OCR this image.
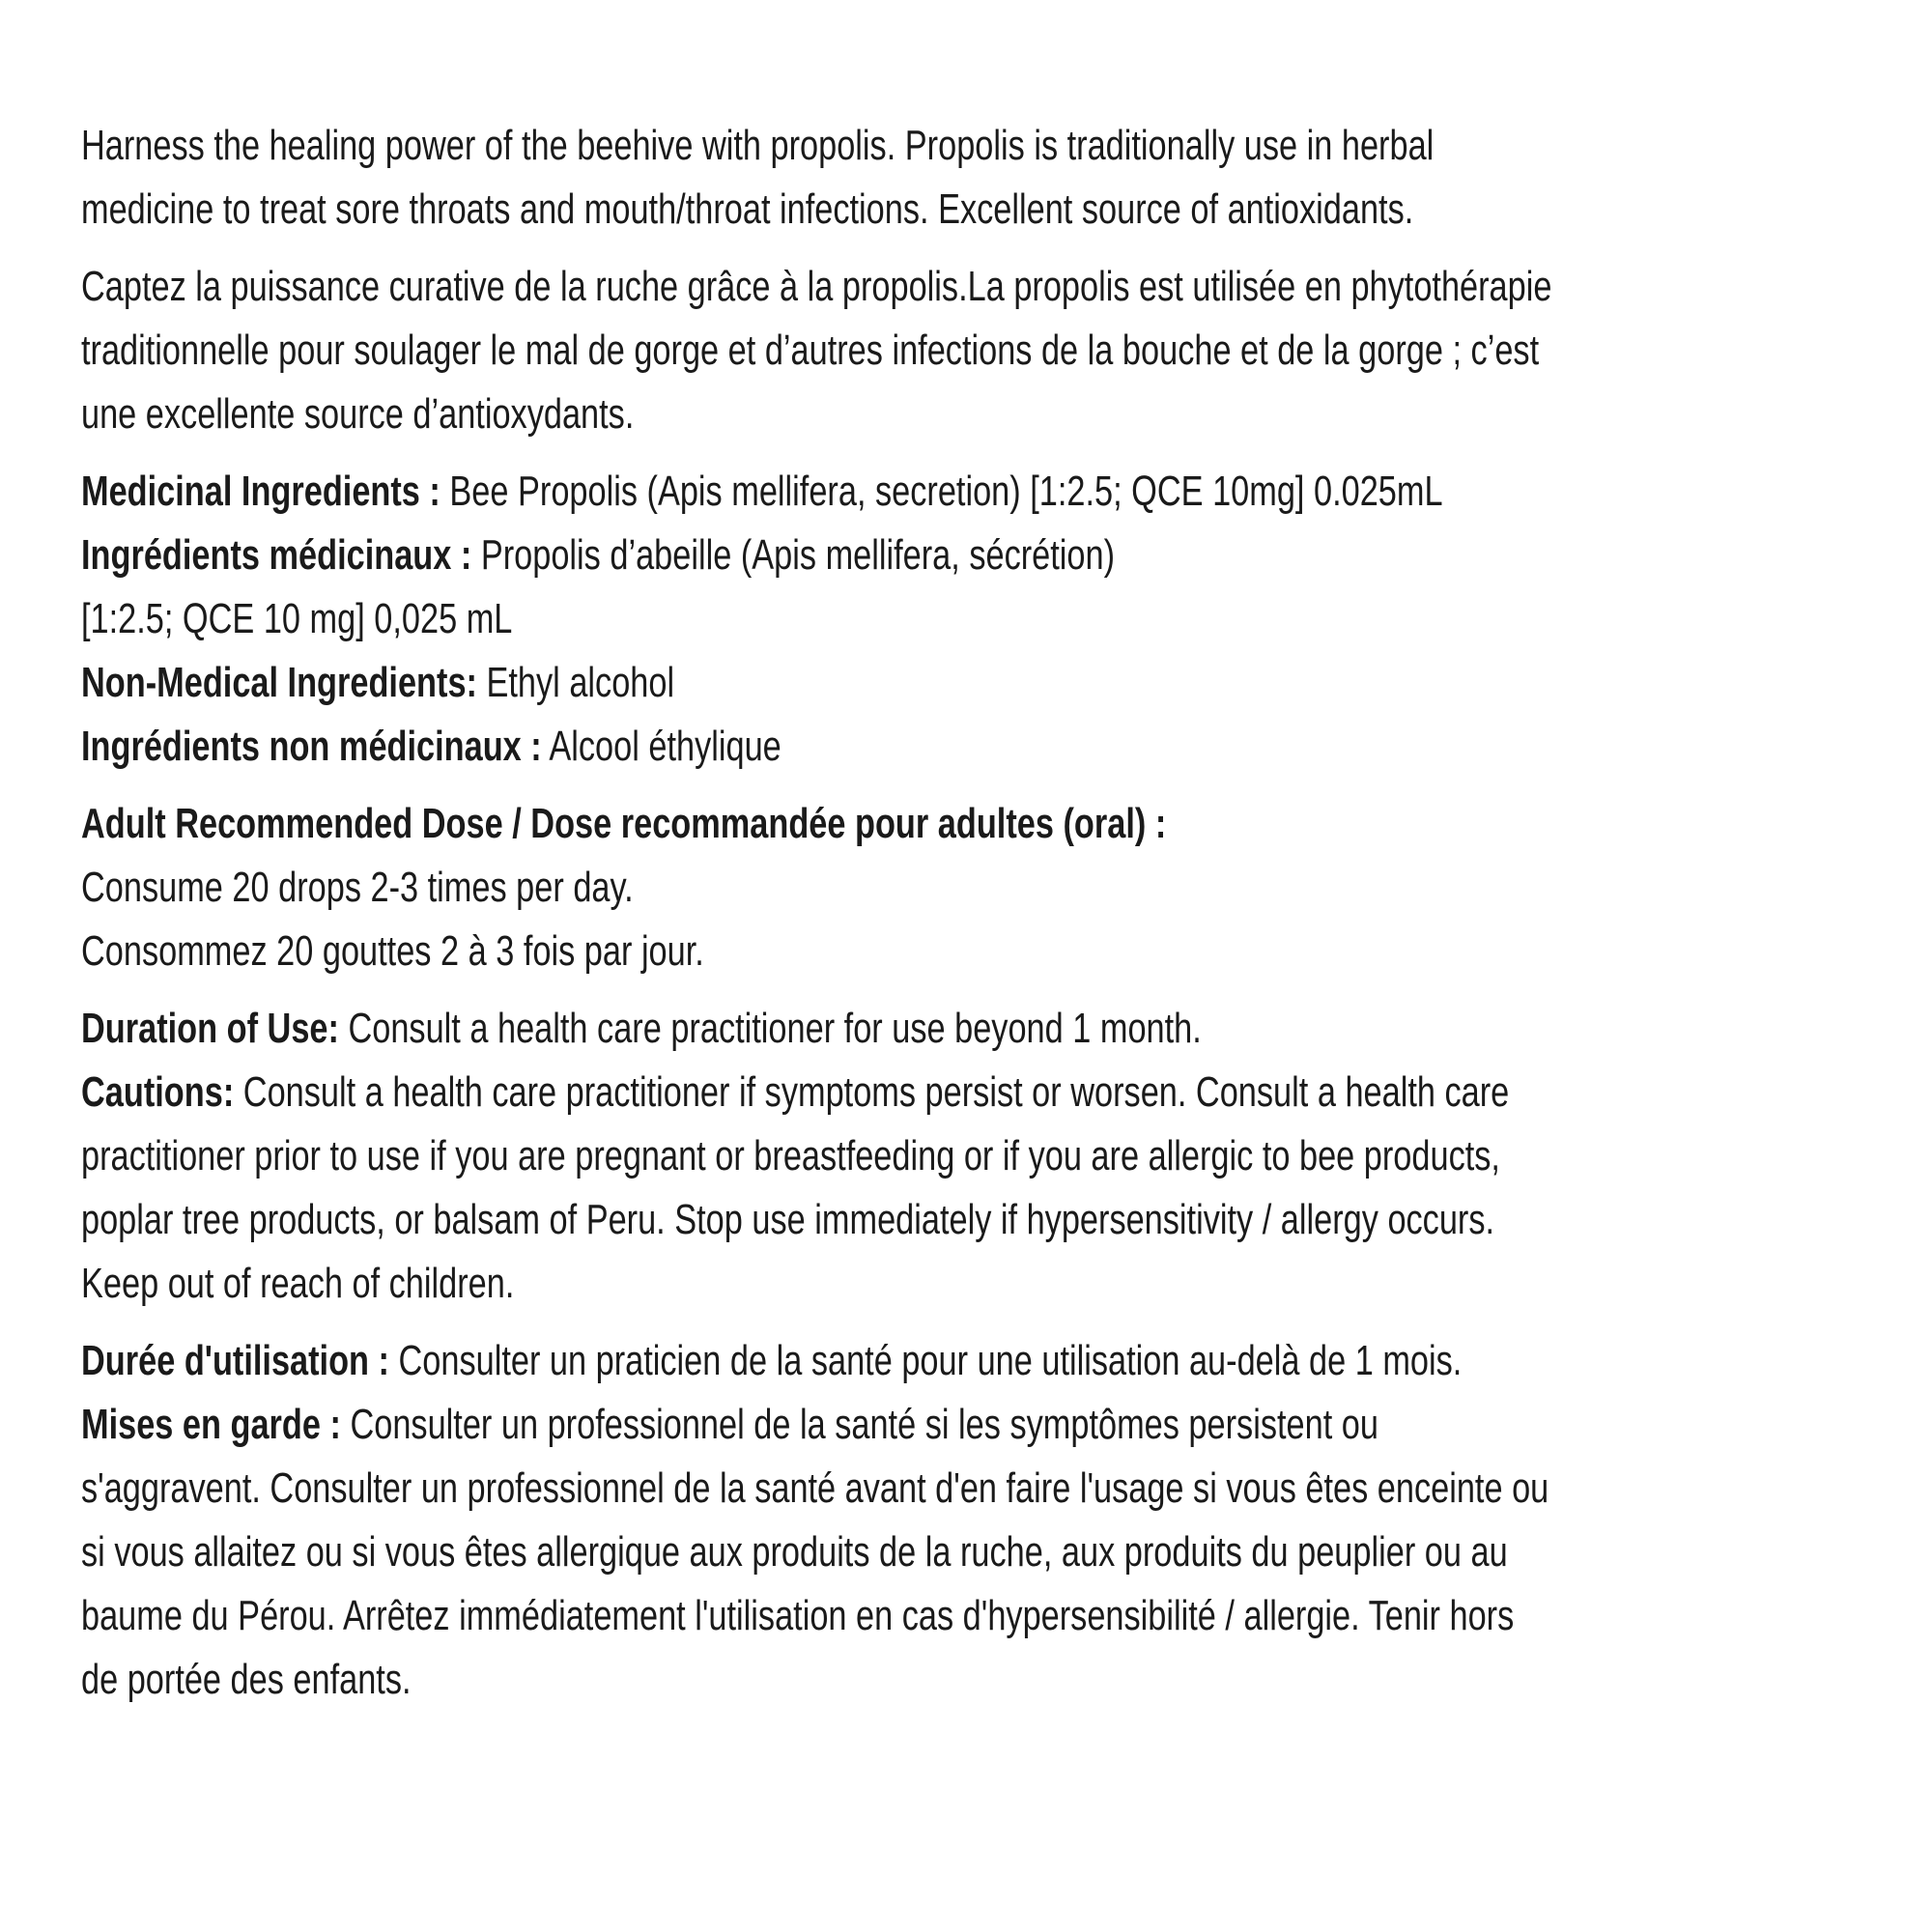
Harness the healing power of the beehive with propolis. Propolis is traditionally use in herbal
medicine to treat sore throats and mouth/throat infections. Excellent source of antioxidants.
Captez la puissance curative de la ruche grâce à la propolis.La propolis est utilisée en phytothérapie
traditionnelle pour soulager le mal de gorge et d’autres infections de la bouche et de la gorge ; c’est
une excellente source d’antioxydants.
Medicinal Ingredients : Bee Propolis (Apis mellifera, secretion) [1:2.5; QCE 10mg] 0.025mL
Ingrédients médicinaux : Propolis d’abeille (Apis mellifera, sécrétion)
[1:2.5; QCE 10 mg] 0,025 mL
Non-Medical Ingredients: Ethyl alcohol
Ingrédients non médicinaux : Alcool éthylique
Adult Recommended Dose / Dose recommandée pour adultes (oral) :
Consume 20 drops 2-3 times per day.
Consommez 20 gouttes 2 à 3 fois par jour.
Duration of Use: Consult a health care practitioner for use beyond 1 month.
Cautions: Consult a health care practitioner if symptoms persist or worsen. Consult a health care
practitioner prior to use if you are pregnant or breastfeeding or if you are allergic to bee products,
poplar tree products, or balsam of Peru. Stop use immediately if hypersensitivity / allergy occurs.
Keep out of reach of children.
Durée d'utilisation : Consulter un praticien de la santé pour une utilisation au-delà de 1 mois.
Mises en garde : Consulter un professionnel de la santé si les symptômes persistent ou
s'aggravent. Consulter un professionnel de la santé avant d'en faire l'usage si vous êtes enceinte ou
si vous allaitez ou si vous êtes allergique aux produits de la ruche, aux produits du peuplier ou au
baume du Pérou. Arrêtez immédiatement l'utilisation en cas d'hypersensibilité / allergie. Tenir hors
de portée des enfants.
